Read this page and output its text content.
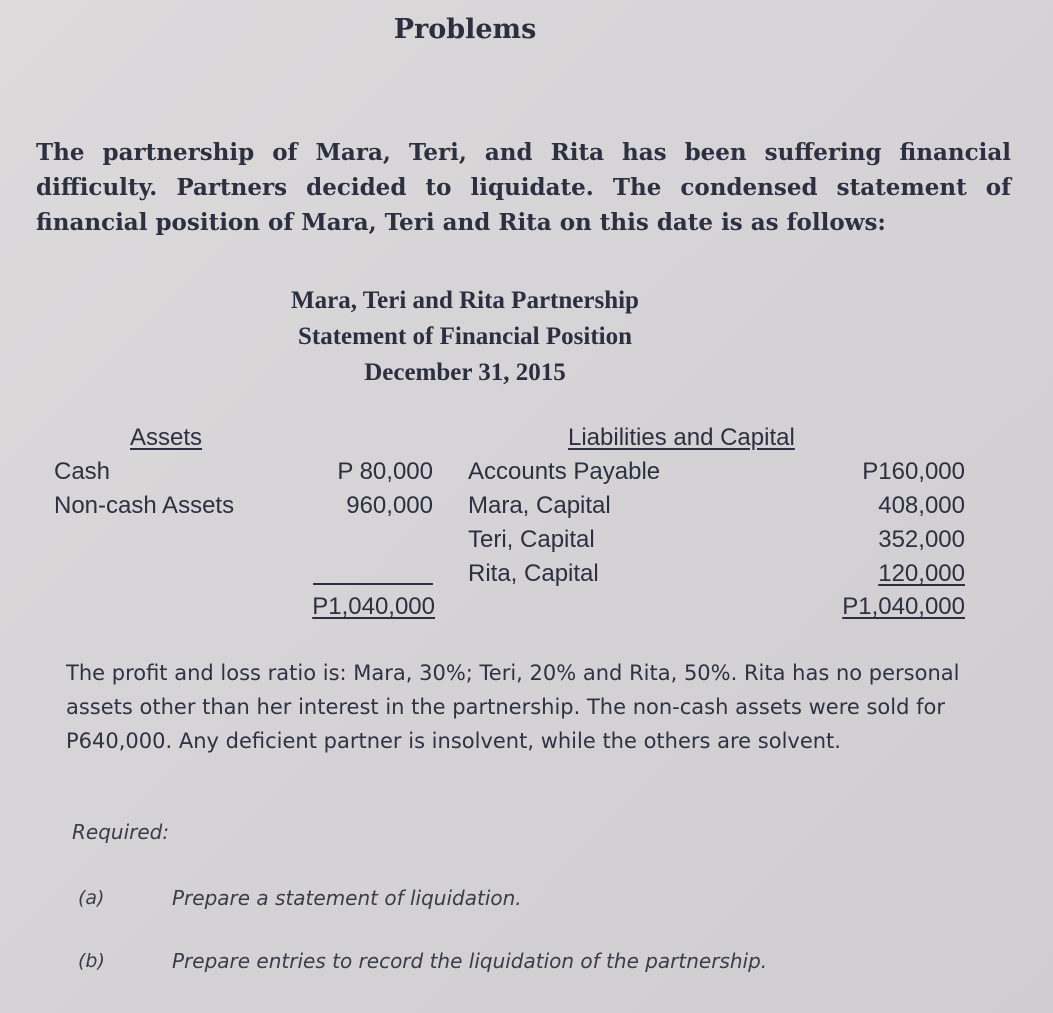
Problems
The partnership of Mara, Teri, and Rita has been suffering financial difficulty. Partners decided to liquidate. The condensed statement of financial position of Mara, Teri and Rita on this date is as follows:
Mara, Teri and Rita Partnership
Statement of Financial Position
December 31, 2015
Assets
Cash	P 80,000
Non-cash Assets	960,000
P1,040,000
Liabilities and Capital
Accounts Payable	P160,000
Mara, Capital	408,000
Teri, Capital	352,000
Rita, Capital	120,000
P1,040,000
The profit and loss ratio is: Mara, 30%; Teri, 20% and Rita, 50%. Rita has no personal assets other than her interest in the partnership. The non-cash assets were sold for P640,000. Any deficient partner is insolvent, while the others are solvent.
Required:
(a)	Prepare a statement of liquidation.
(b)	Prepare entries to record the liquidation of the partnership.
